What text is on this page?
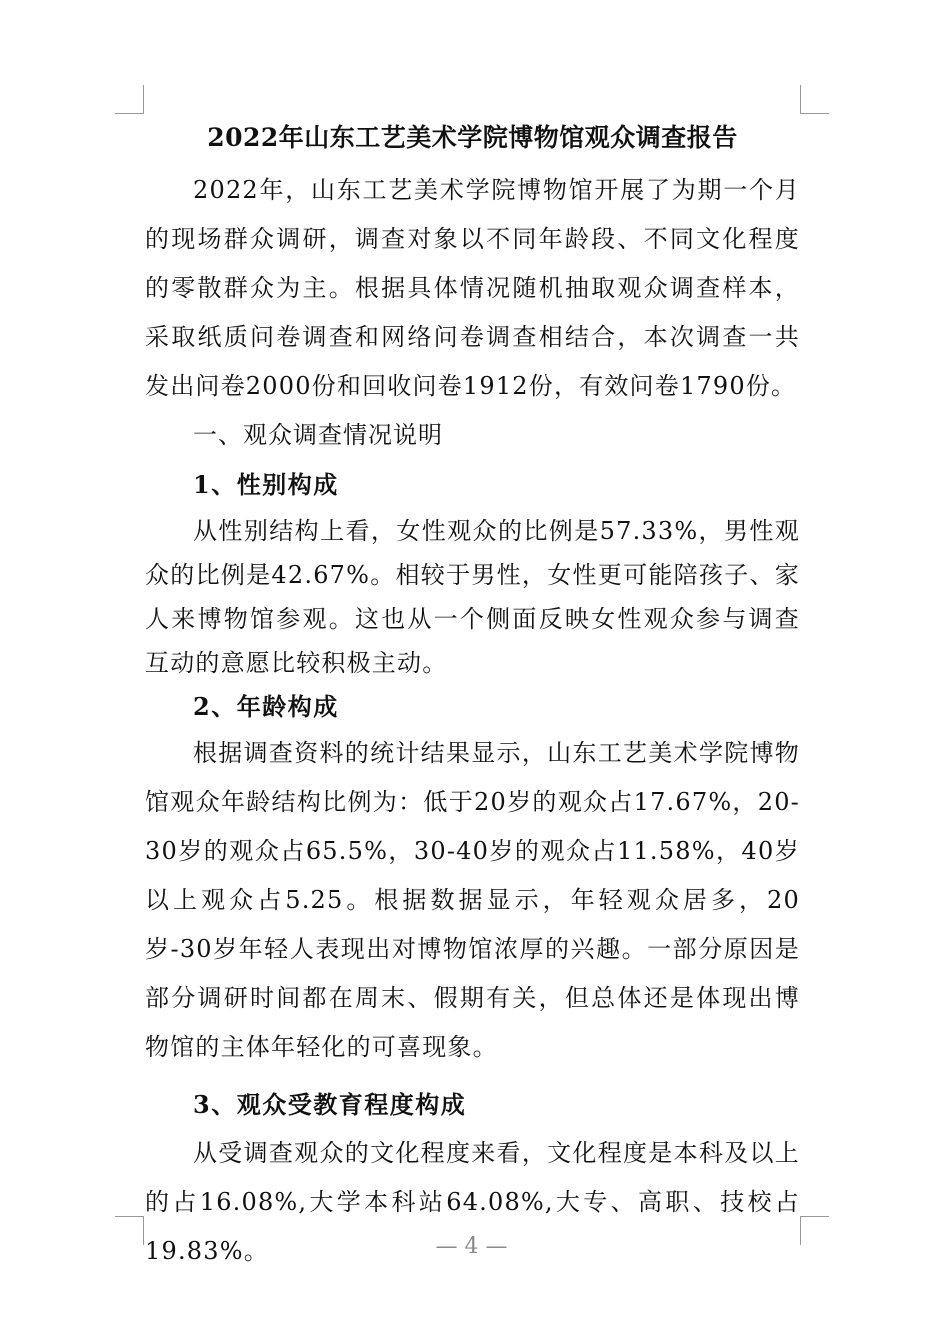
2022年山东工艺美术学院博物馆观众调查报告

2022年，山东工艺美术学院博物馆开展了为期一个月的现场群众调研，调查对象以不同年龄段、不同文化程度的零散群众为主。根据具体情况随机抽取观众调查样本，采取纸质问卷调查和网络问卷调查相结合，本次调查一共发出问卷2000份和回收问卷1912份，有效问卷1790份。

一、观众调查情况说明

1、性别构成

从性别结构上看，女性观众的比例是57.33%，男性观众的比例是42.67%。相较于男性，女性更可能陪孩子、家人来博物馆参观。这也从一个侧面反映女性观众参与调查互动的意愿比较积极主动。

2、年龄构成

根据调查资料的统计结果显示，山东工艺美术学院博物馆观众年龄结构比例为：低于20岁的观众占17.67%，20-30岁的观众占65.5%，30-40岁的观众占11.58%，40岁以上观众占5.25。根据数据显示，年轻观众居多，20岁-30岁年轻人表现出对博物馆浓厚的兴趣。一部分原因是部分调研时间都在周末、假期有关，但总体还是体现出博物馆的主体年轻化的可喜现象。

3、观众受教育程度构成

从受调查观众的文化程度来看，文化程度是本科及以上的占16.08%,大学本科站64.08%,大专、高职、技校占19.83%。	— 4 —
